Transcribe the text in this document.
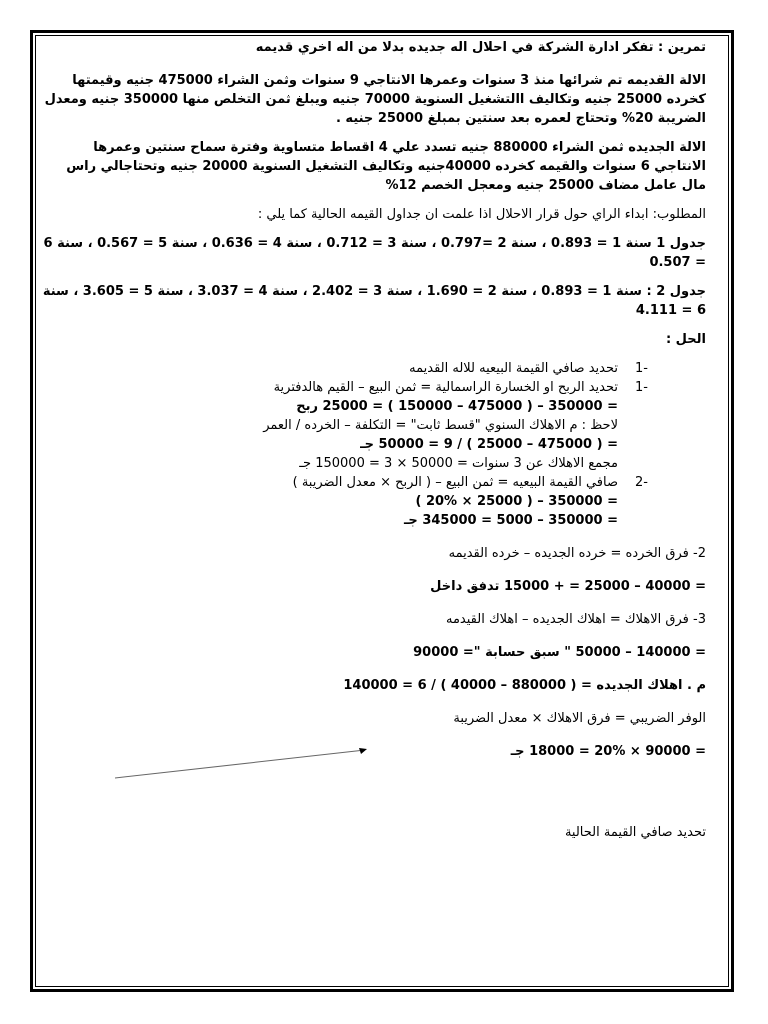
تمرين : تفكر ادارة الشركة في احلال اله جديده بدلا من اله اخري قديمه

الالة القديمه تم شرائها منذ 3 سنوات وعمرها الانتاجي 9 سنوات وثمن الشراء 475000 جنيه وقيمتها كخرده 25000 جنيه وتكاليف االتشغيل السنوية 70000 جنيه ويبلغ ثمن التخلص منها 350000 جنيه ومعدل الضريبة 20% وتحتاج لعمره بعد سنتين بمبلغ 25000 جنيه .

الالة الجديده ثمن الشراء 880000 جنيه تسدد علي 4 اقساط متساوية وفترة سماح سنتين وعمرها الانتاجي 6 سنوات والقيمه كخرده 40000جنيه وتكاليف التشغيل السنوية 20000 جنيه وتحتاجالي راس مال عامل مضاف 25000 جنيه ومعجل الخصم 12%

المطلوب: ابداء الراي حول قرار الاحلال اذا علمت ان جداول القيمه الحالية كما يلي :

جدول 1 سنة 1 = 0.893 ، سنة 2 =0.797 ، سنة 3 = 0.712 ، سنة 4 = 0.636 ، سنة 5 = 0.567 ، سنة 6 = 0.507

جدول 2 : سنة 1 = 0.893 ، سنة 2 = 1.690 ، سنة 3 = 2.402 ، سنة 4 = 3.037 ، سنة 5 = 3.605 ، سنة 6 = 4.111

الحل :

-1
تحديد صافي القيمة البيعيه للاله القديمه
-1

تحديد الربح او الخسارة الراسمالية = ثمن البيع – القيم هالدفترية

= 350000 – ( 475000 – 150000 ) = 25000 ربح

لاحظ : م الاهلاك السنوي "قسط ثابت" = التكلفة – الخرده / العمر

= ( 475000 – 25000 ) / 9 = 50000 جـ

مجمع الاهلاك عن 3 سنوات = 50000 × 3 = 150000 جـ

-2

صافي القيمة البيعيه = ثمن البيع – ( الربح × معدل الضريبة )

= 350000 – ( 25000 × 20% )

= 350000 – 5000 = 345000 جـ

2- فرق الخرده = خرده الجديده – خرده القديمه

= 40000 – 25000 = + 15000 تدفق داخل

3- فرق الاهلاك = اهلاك الجديده – اهلاك القيدمه

= 140000 – 50000 " سبق حسابة "= 90000

م . اهلاك الجديده = ( 880000 – 40000 ) / 6 = 140000

الوفر الضريبي = فرق الاهلاك × معدل الضريبة

= 90000 × 20% = 18000 جـ

تحديد صافي القيمة الحالية
